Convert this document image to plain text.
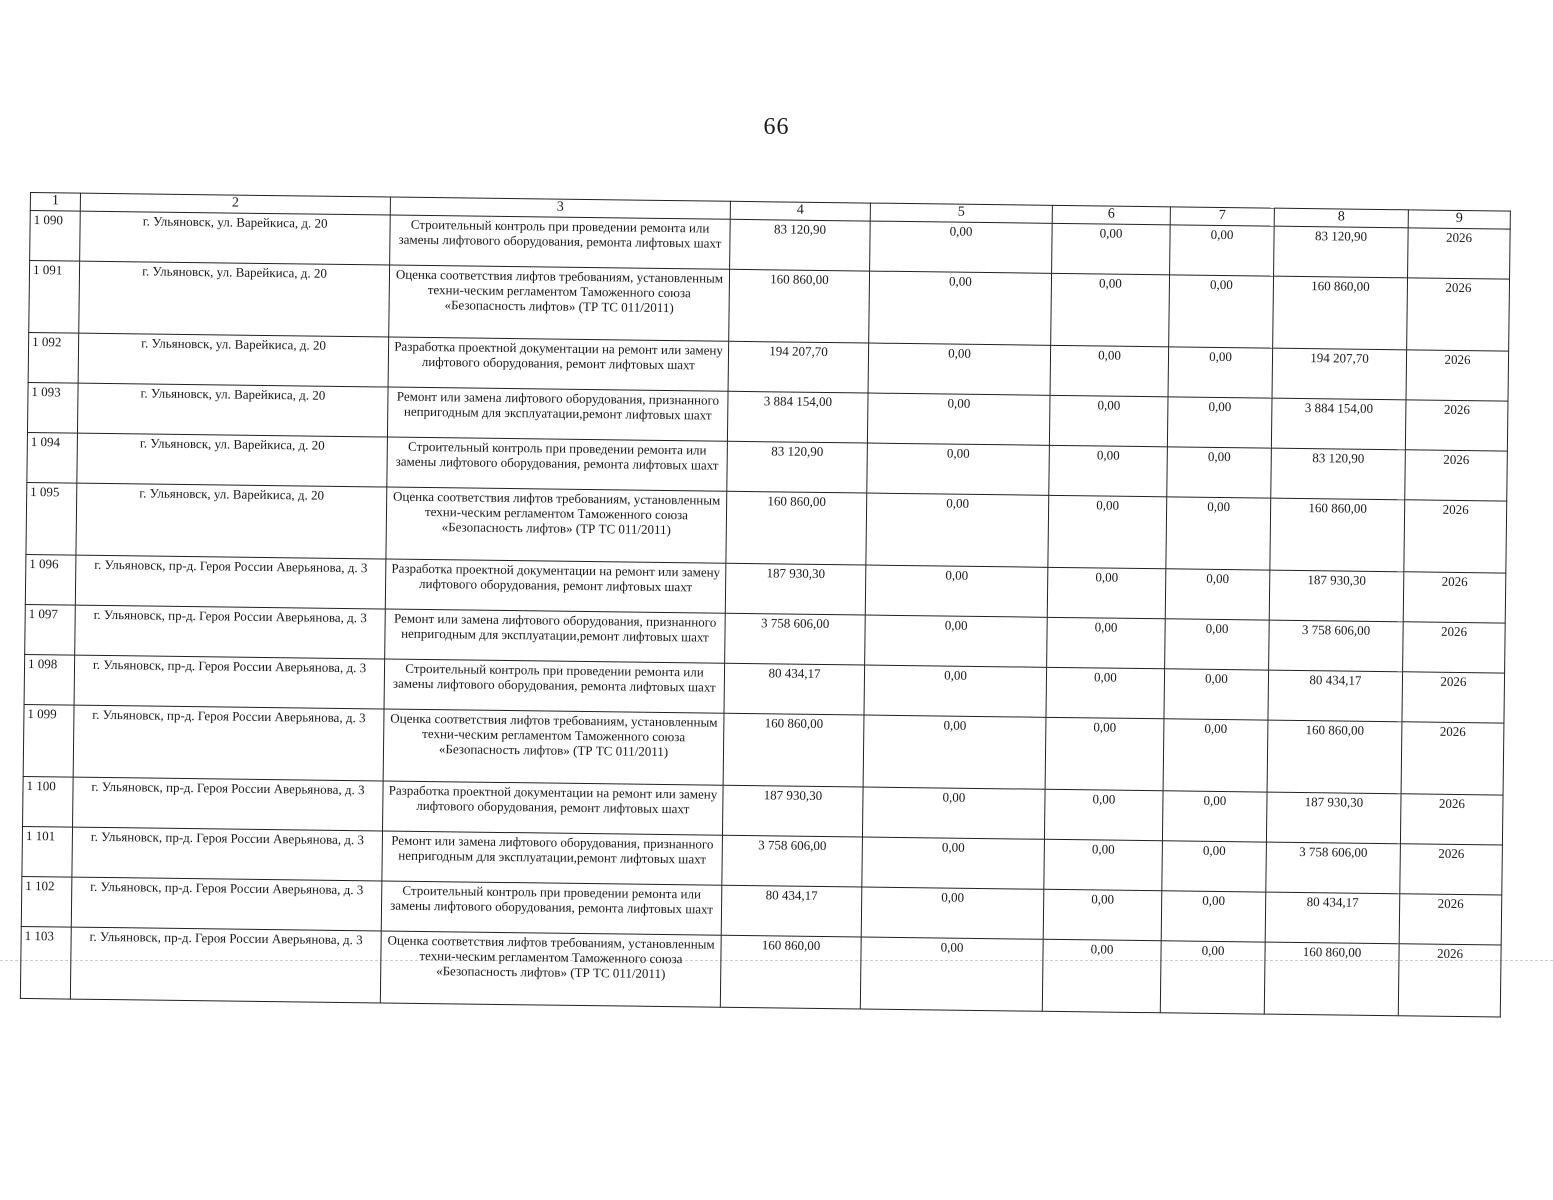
66
1	2	3	4	5	6	7	8	9
1 090	г. Ульяновск, ул. Варейкиса, д. 20	Строительный контроль при проведении ремонта или замены лифтового оборудования, ремонта лифтовых шахт	83 120,90	0,00	0,00	0,00	83 120,90	2026
1 091	г. Ульяновск, ул. Варейкиса, д. 20	Оценка соответствия лифтов требованиям, установленным техни-ческим регламентом Таможенного союза «Безопасность лифтов» (ТР ТС 011/2011)	160 860,00	0,00	0,00	0,00	160 860,00	2026
1 092	г. Ульяновск, ул. Варейкиса, д. 20	Разработка проектной документации на ремонт или замену лифтового оборудования, ремонт лифтовых шахт	194 207,70	0,00	0,00	0,00	194 207,70	2026
1 093	г. Ульяновск, ул. Варейкиса, д. 20	Ремонт или замена лифтового оборудования, признанного непригодным для эксплуатации,ремонт лифтовых шахт	3 884 154,00	0,00	0,00	0,00	3 884 154,00	2026
1 094	г. Ульяновск, ул. Варейкиса, д. 20	Строительный контроль при проведении ремонта или замены лифтового оборудования, ремонта лифтовых шахт	83 120,90	0,00	0,00	0,00	83 120,90	2026
1 095	г. Ульяновск, ул. Варейкиса, д. 20	Оценка соответствия лифтов требованиям, установленным техни-ческим регламентом Таможенного союза «Безопасность лифтов» (ТР ТС 011/2011)	160 860,00	0,00	0,00	0,00	160 860,00	2026
1 096	г. Ульяновск, пр-д. Героя России Аверьянова, д. 3	Разработка проектной документации на ремонт или замену лифтового оборудования, ремонт лифтовых шахт	187 930,30	0,00	0,00	0,00	187 930,30	2026
1 097	г. Ульяновск, пр-д. Героя России Аверьянова, д. 3	Ремонт или замена лифтового оборудования, признанного непригодным для эксплуатации,ремонт лифтовых шахт	3 758 606,00	0,00	0,00	0,00	3 758 606,00	2026
1 098	г. Ульяновск, пр-д. Героя России Аверьянова, д. 3	Строительный контроль при проведении ремонта или замены лифтового оборудования, ремонта лифтовых шахт	80 434,17	0,00	0,00	0,00	80 434,17	2026
1 099	г. Ульяновск, пр-д. Героя России Аверьянова, д. 3	Оценка соответствия лифтов требованиям, установленным техни-ческим регламентом Таможенного союза «Безопасность лифтов» (ТР ТС 011/2011)	160 860,00	0,00	0,00	0,00	160 860,00	2026
1 100	г. Ульяновск, пр-д. Героя России Аверьянова, д. 3	Разработка проектной документации на ремонт или замену лифтового оборудования, ремонт лифтовых шахт	187 930,30	0,00	0,00	0,00	187 930,30	2026
1 101	г. Ульяновск, пр-д. Героя России Аверьянова, д. 3	Ремонт или замена лифтового оборудования, признанного непригодным для эксплуатации,ремонт лифтовых шахт	3 758 606,00	0,00	0,00	0,00	3 758 606,00	2026
1 102	г. Ульяновск, пр-д. Героя России Аверьянова, д. 3	Строительный контроль при проведении ремонта или замены лифтового оборудования, ремонта лифтовых шахт	80 434,17	0,00	0,00	0,00	80 434,17	2026
1 103	г. Ульяновск, пр-д. Героя России Аверьянова, д. 3	Оценка соответствия лифтов требованиям, установленным техни-ческим регламентом Таможенного союза «Безопасность лифтов» (ТР ТС 011/2011)	160 860,00	0,00	0,00	0,00	160 860,00	2026
